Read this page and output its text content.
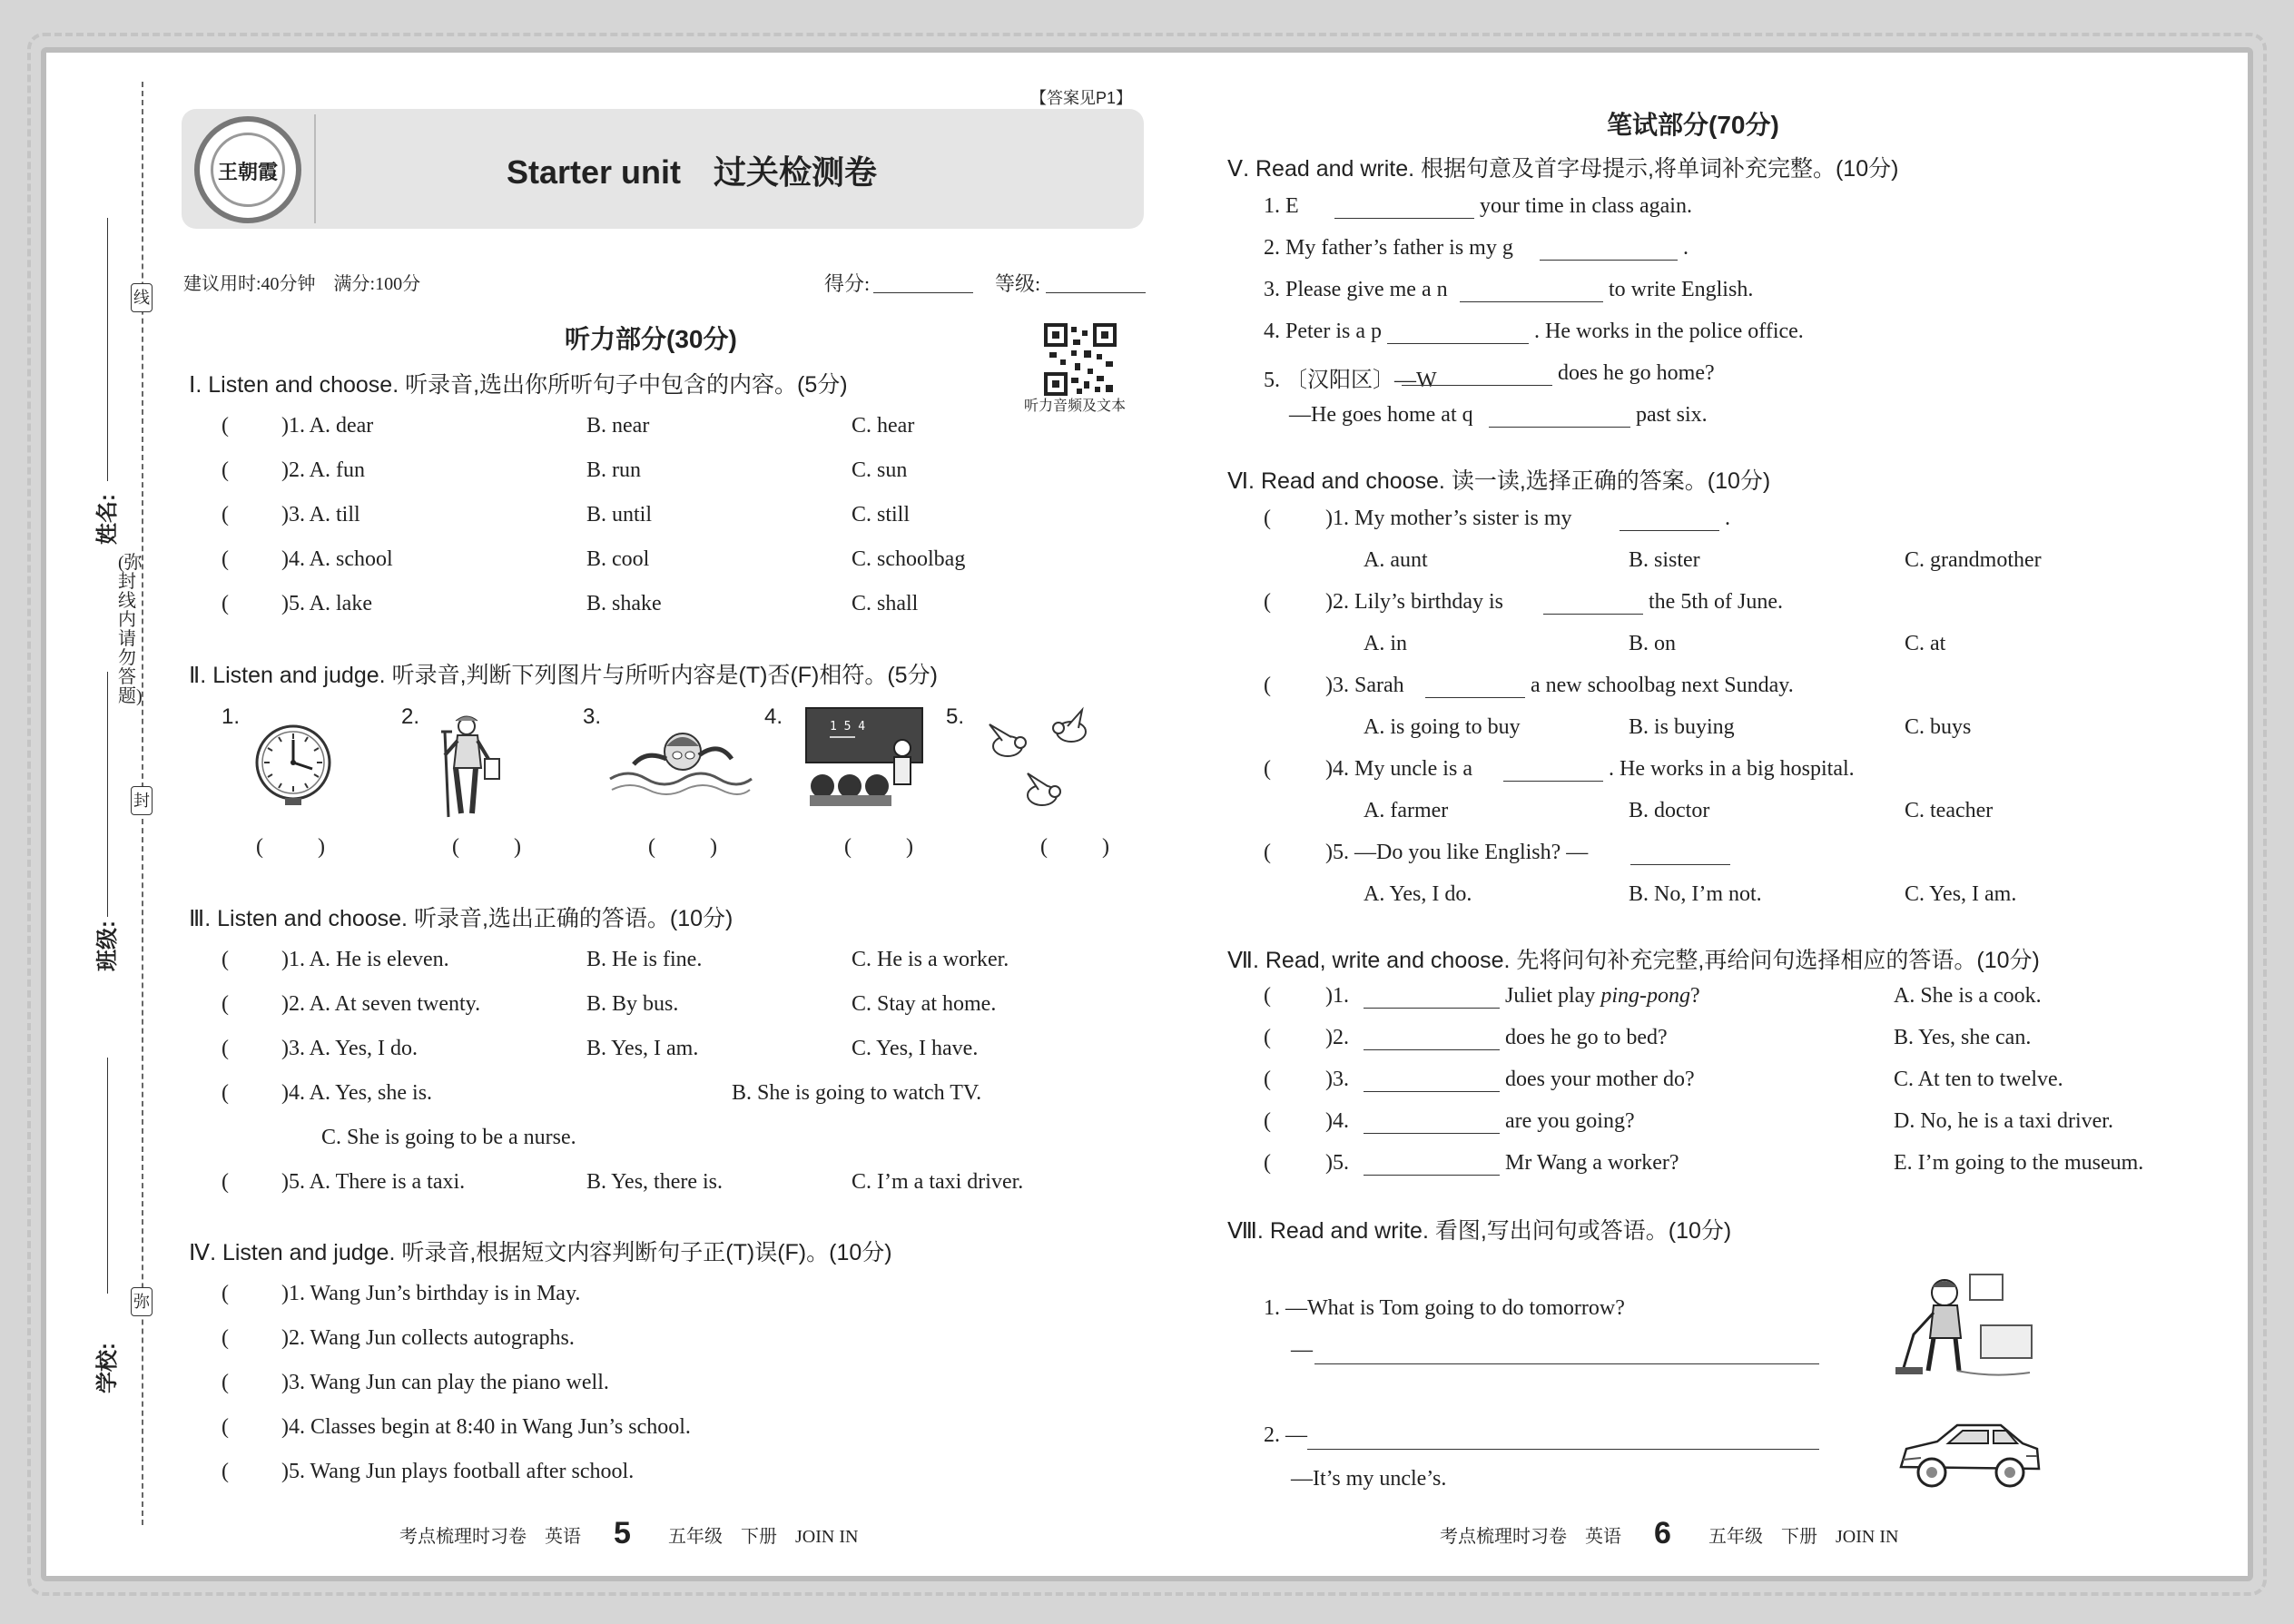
线
封
弥
(弥封线内请勿答题)
姓名:
班级:
学校:
【答案见P1】
王朝霞	Starter unit　过关检测卷
建议用时:40分钟　满分:100分	得分:	等级:
听力部分(30分)
听力音频及文本
Ⅰ. Listen and choose. 听录音,选出你所听句子中包含的内容。(5分)
( )1. A. dear	B. near	C. hear
( )2. A. fun	B. run	C. sun
( )3. A. till	B. until	C. still
( )4. A. school	B. cool	C. schoolbag
( )5. A. lake	B. shake	C. shall
Ⅱ. Listen and judge. 听录音,判断下列图片与所听内容是(T)否(F)相符。(5分)
1.	2.	3.	4.	5.
1 5 4
(	)	(	)	(	)	(	)	(	)
Ⅲ. Listen and choose. 听录音,选出正确的答语。(10分)
( )1. A. He is eleven.	B. He is fine.	C. He is a worker.
( )2. A. At seven twenty.	B. By bus.	C. Stay at home.
( )3. A. Yes, I do.	B. Yes, I am.	C. Yes, I have.
( )4. A. Yes, she is.	B. She is going to watch TV.
C. She is going to be a nurse.
( )5. A. There is a taxi.	B. Yes, there is.	C. I’m a taxi driver.
Ⅳ. Listen and judge. 听录音,根据短文内容判断句子正(T)误(F)。(10分)
( )1. Wang Jun’s birthday is in May.
( )2. Wang Jun collects autographs.
( )3. Wang Jun can play the piano well.
( )4. Classes begin at 8:40 in Wang Jun’s school.
( )5. Wang Jun plays football after school.
考点梳理时习卷　英语 5 五年级　下册　JOIN IN
笔试部分(70分)
Ⅴ. Read and write. 根据句意及首字母提示,将单词补充完整。(10分)
1. E	your time in class again.
2. My father’s father is my g	.
3. Please give me a n	to write English.
4. Peter is a p	. He works in the police office.
5. 〔汉阳区〕—W	does he go home?
—He goes home at q	past six.
Ⅵ. Read and choose. 读一读,选择正确的答案。(10分)
(	)1. My mother’s sister is my	.
A. aunt	B. sister	C. grandmother
(	)2. Lily’s birthday is	the 5th of June.
A. in	B. on	C. at
(	)3. Sarah	a new schoolbag next Sunday.
A. is going to buy	B. is buying	C. buys
(	)4. My uncle is a	. He works in a big hospital.
A. farmer	B. doctor	C. teacher
(	)5. —Do you like English? —
A. Yes, I do.	B. No, I’m not.	C. Yes, I am.
Ⅶ. Read, write and choose. 先将问句补充完整,再给问句选择相应的答语。(10分)
(	)1.	Juliet play ping-pong?	A. She is a cook.
(	)2.	does he go to bed?	B. Yes, she can.
(	)3.	does your mother do?	C. At ten to twelve.
(	)4.	are you going?	D. No, he is a taxi driver.
(	)5.	Mr Wang a worker?	E. I’m going to the museum.
Ⅷ. Read and write. 看图,写出问句或答语。(10分)
1. —What is Tom going to do tomorrow?
—
2. —
—It’s my uncle’s.
考点梳理时习卷　英语 6 五年级　下册　JOIN IN
